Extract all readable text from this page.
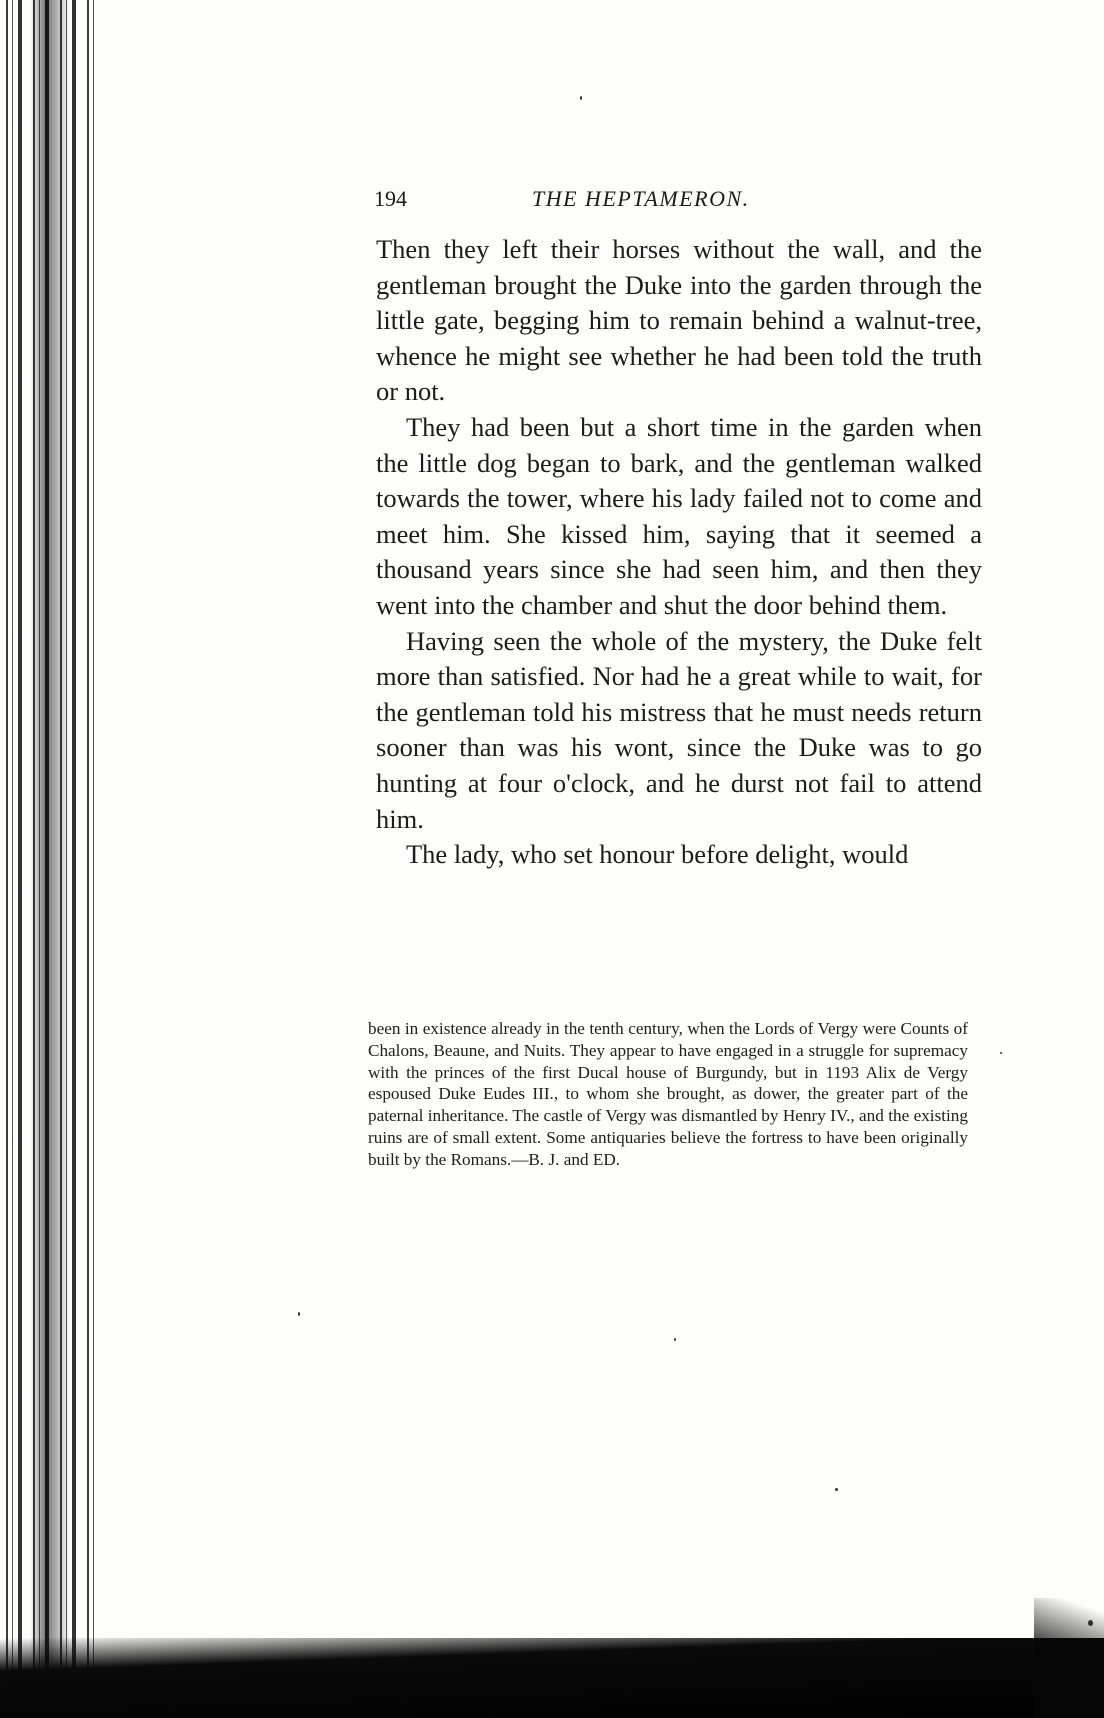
194	THE HEPTAMERON.

Then they left their horses without the wall, and the gentleman brought the Duke into the garden through the little gate, begging him to remain behind a walnut-tree, whence he might see whether he had been told the truth or not.

They had been but a short time in the garden when the little dog began to bark, and the gentleman walked towards the tower, where his lady failed not to come and meet him. She kissed him, saying that it seemed a thousand years since she had seen him, and then they went into the chamber and shut the door behind them.

Having seen the whole of the mystery, the Duke felt more than satisfied. Nor had he a great while to wait, for the gentleman told his mistress that he must needs return sooner than was his wont, since the Duke was to go hunting at four o'clock, and he durst not fail to attend him.

The lady, who set honour before delight, would

been in existence already in the tenth century, when the Lords of Vergy were Counts of Chalons, Beaune, and Nuits. They appear to have engaged in a struggle for supremacy with the princes of the first Ducal house of Burgundy, but in 1193 Alix de Vergy espoused Duke Eudes III., to whom she brought, as dower, the greater part of the paternal inheritance. The castle of Vergy was dismantled by Henry IV., and the existing ruins are of small extent. Some antiquaries believe the fortress to have been originally built by the Romans.—B. J. and ED.
